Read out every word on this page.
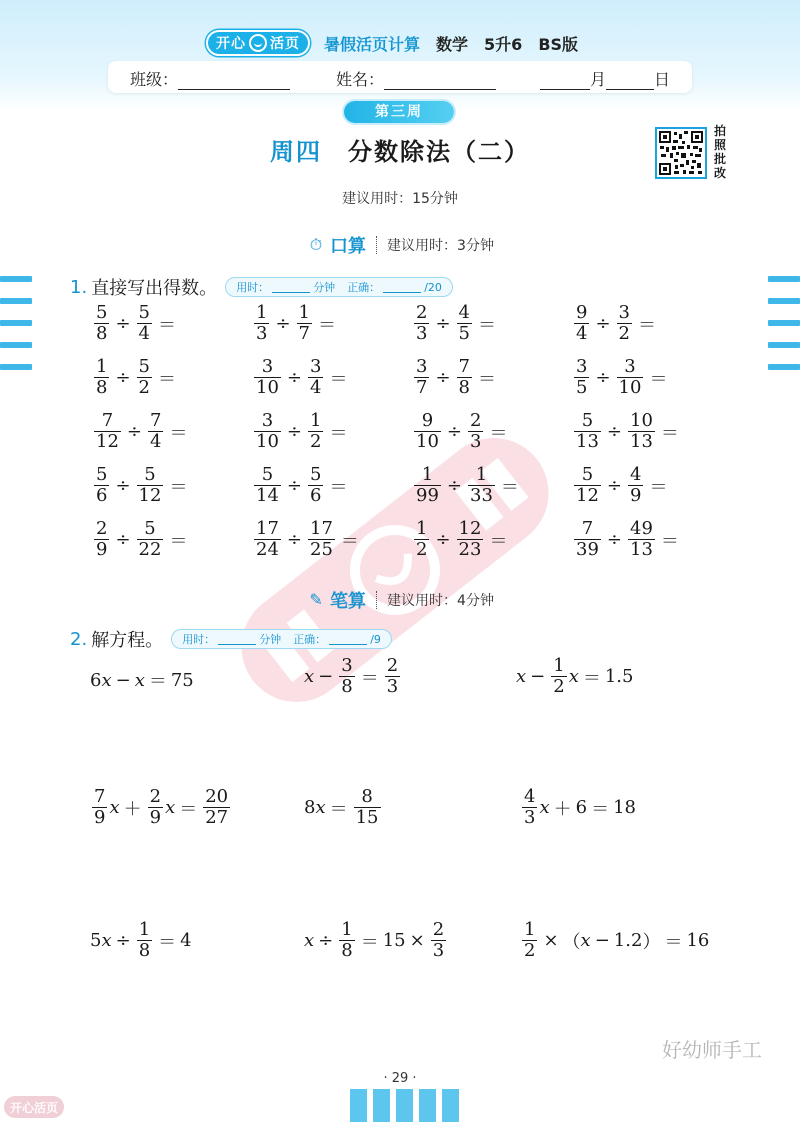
开心 活页 暑假活页计算 数学 5升6 BS版
班级：	姓名：	月	日
第三周
周四 分数除法（二）
拍
照
批
改
建议用时：15分钟
⏱ 口算 建议用时：3分钟
1. 直接写出得数。 用时：	分钟 正确：	/20
$\frac{5}{8} \div \frac{5}{4}$ ＝	$\frac{1}{3} \div \frac{1}{7}$ ＝	$\frac{2}{3} \div \frac{4}{5}$ ＝	$\frac{9}{4} \div \frac{3}{2}$ ＝
$\frac{1}{8} \div \frac{5}{2}$ ＝	$\frac{3}{10} \div \frac{3}{4}$ ＝	$\frac{3}{7} \div \frac{7}{8}$ ＝	$\frac{3}{5} \div \frac{3}{10}$ ＝
$\frac{7}{12} \div \frac{7}{4}$ ＝	$\frac{3}{10} \div \frac{1}{2}$ ＝	$\frac{9}{10} \div \frac{2}{3}$ ＝	$\frac{5}{13} \div \frac{10}{13}$ ＝
$\frac{5}{6} \div \frac{5}{12}$ ＝	$\frac{5}{14} \div \frac{5}{6}$ ＝	$\frac{1}{99} \div \frac{1}{33}$ ＝	$\frac{5}{12} \div \frac{4}{9}$ ＝
$\frac{2}{9} \div \frac{5}{22}$ ＝	$\frac{17}{24} \div \frac{17}{25}$ ＝	$\frac{1}{2} \div \frac{12}{23}$ ＝	$\frac{7}{39} \div \frac{49}{13}$ ＝
✎ 笔算 建议用时：4分钟
2. 解方程。 用时：	分钟 正确：	/9
6 x − x ＝ 75	$x - \frac{3}{8} = \frac{2}{3}$	$x - \frac{1}{2}$ x ＝ 1.5
$\frac{7}{9}$ $x + \frac{2}{9}$ $x = \frac{20}{27}$	8 $x = \frac{8}{15}$	$\frac{4}{3}$ x ＋ 6 ＝ 18
5 $x \div \frac{1}{8} = 4$	$x \div \frac{1}{8} = 15 \times \frac{2}{3}$	$\frac{1}{2}$ × （ x − 1.2 ） ＝ 16
好幼师手工
· 29 ·
开心活页
